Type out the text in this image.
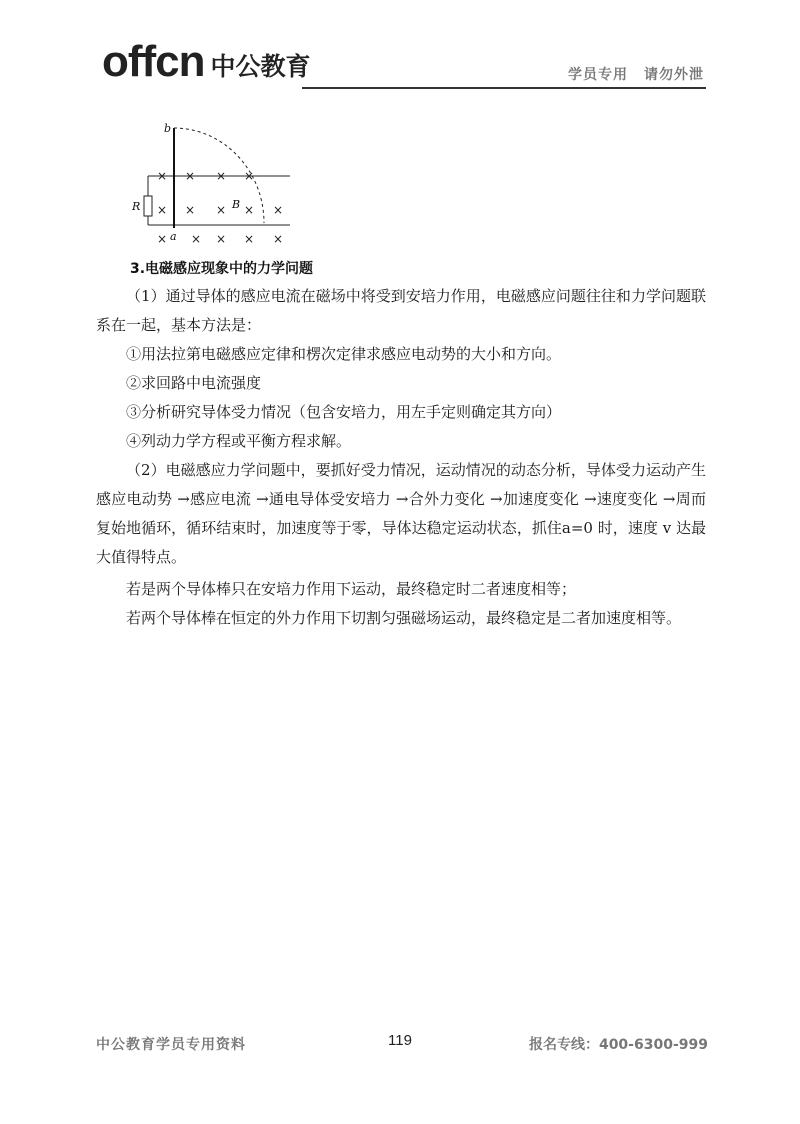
offcn 中公教育	学员专用 请勿外泄
b
a
R	B
× × × ×
× × × × ×
× × × × ×
3.电磁感应现象中的力学问题
（1）通过导体的感应电流在磁场中将受到安培力作用，电磁感应问题往往和力学问题联系在一起，基本方法是：
①用法拉第电磁感应定律和楞次定律求感应电动势的大小和方向。
②求回路中电流强度
③分析研究导体受力情况（包含安培力，用左手定则确定其方向）
④列动力学方程或平衡方程求解。
（2）电磁感应力学问题中，要抓好受力情况，运动情况的动态分析，导体受力运动产生感应电动势 →感应电流 →通电导体受安培力 →合外力变化 →加速度变化 →速度变化 →周而复始地循环，循环结束时，加速度等于零，导体达稳定运动状态，抓住a=0 时，速度 v 达最大值得特点。
若是两个导体棒只在安培力作用下运动，最终稳定时二者速度相等；
若两个导体棒在恒定的外力作用下切割匀强磁场运动，最终稳定是二者加速度相等。
中公教育学员专用资料	119	报名专线：400-6300-999
